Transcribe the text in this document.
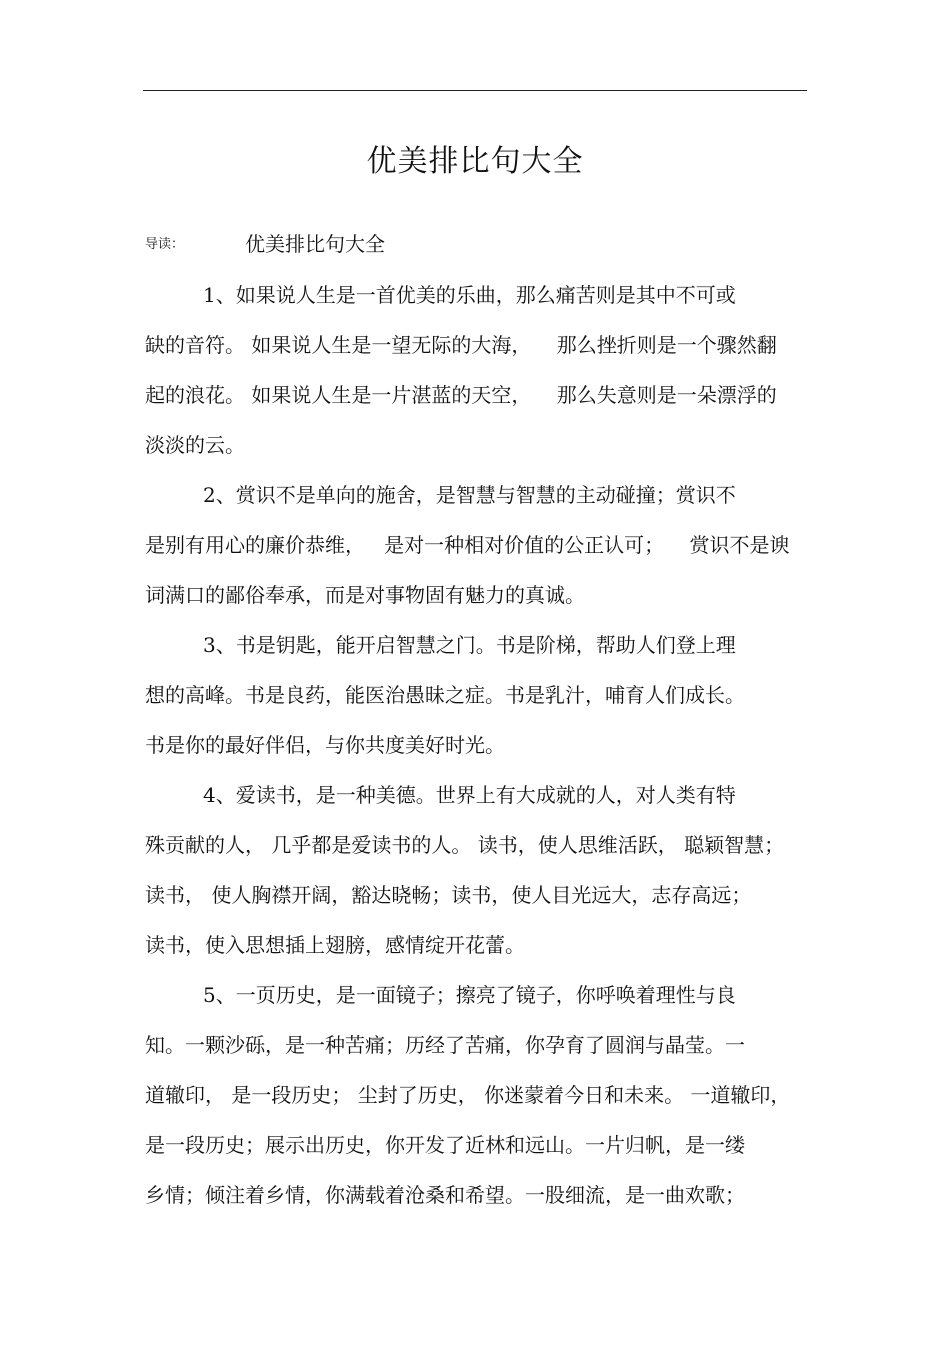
优美排比句大全
导读：	优美排比句大全
1、如果说人生是一首优美的乐曲，那么痛苦则是其中不可或
缺的音符。 如果说人生是一望无际的大海，    那么挫折则是一个骤然翻
起的浪花。 如果说人生是一片湛蓝的天空，    那么失意则是一朵漂浮的
淡淡的云。
2、赏识不是单向的施舍，是智慧与智慧的主动碰撞；赏识不
是别有用心的廉价恭维，   是对一种相对价值的公正认可；    赏识不是谀
词满口的鄙俗奉承，而是对事物固有魅力的真诚。
3、书是钥匙，能开启智慧之门。书是阶梯，帮助人们登上理
想的高峰。书是良药，能医治愚昧之症。书是乳汁，哺育人们成长。
书是你的最好伴侣，与你共度美好时光。
4、爱读书，是一种美德。世界上有大成就的人，对人类有特
殊贡献的人， 几乎都是爱读书的人。 读书，使人思维活跃， 聪颖智慧；
读书， 使人胸襟开阔，豁达晓畅；读书，使人目光远大，志存高远；
读书，使入思想插上翅膀，感情绽开花蕾。
5、一页历史，是一面镜子；擦亮了镜子，你呼唤着理性与良
知。一颗沙砾，是一种苦痛；历经了苦痛，你孕育了圆润与晶莹。一
道辙印， 是一段历史； 尘封了历史， 你迷蒙着今日和未来。 一道辙印，
是一段历史；展示出历史，你开发了近林和远山。一片归帆，是一缕
乡情；倾注着乡情，你满载着沧桑和希望。一股细流，是一曲欢歌；
